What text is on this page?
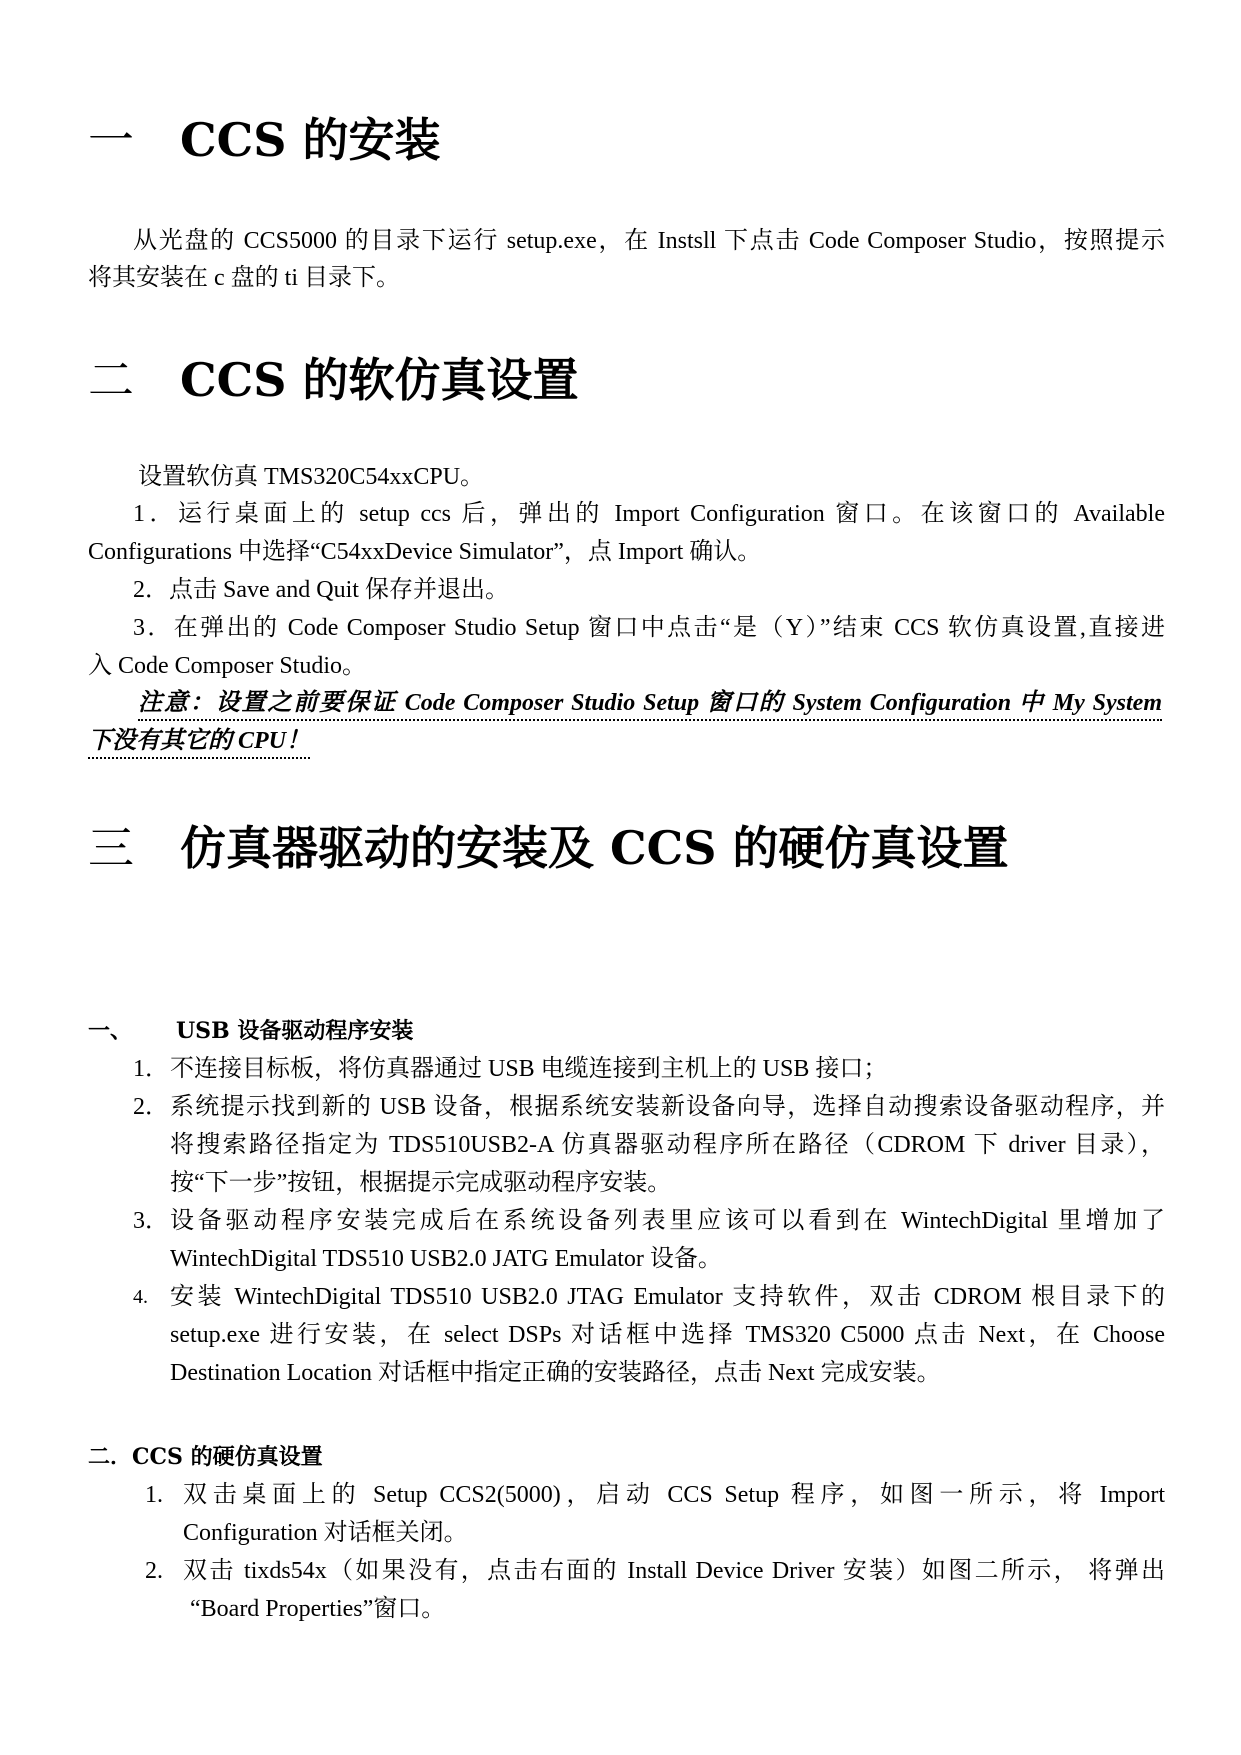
一 CCS 的安装
从光盘的 CCS5000 的目录下运行 setup.exe，在 Instsll 下点击 Code Composer Studio，按照提示
将其安装在 c 盘的 ti 目录下。
二 CCS 的软仿真设置
设置软仿真 TMS320C54xxCPU。
1．运行桌面上的 setup ccs 后，弹出的 Import Configuration 窗口。在该窗口的 Available
Configurations 中选择“C54xxDevice Simulator”，点 Import 确认。
2．点击 Save and Quit 保存并退出。
3．在弹出的 Code Composer Studio Setup 窗口中点击“是（Y）”结束 CCS 软仿真设置,直接进
入 Code Composer Studio。
注意：设置之前要保证 Code Composer Studio Setup 窗口的 System Configuration 中 My System
下没有其它的 CPU！
三 仿真器驱动的安装及 CCS 的硬仿真设置
一、 USB 设备驱动程序安装
1． 不连接目标板，将仿真器通过 USB 电缆连接到主机上的 USB 接口；
2． 系统提示找到新的 USB 设备，根据系统安装新设备向导，选择自动搜索设备驱动程序，并
将搜索路径指定为 TDS510USB2-A 仿真器驱动程序所在路径（CDROM 下 driver 目录），
按“下一步”按钮，根据提示完成驱动程序安装。
3． 设备驱动程序安装完成后在系统设备列表里应该可以看到在 WintechDigital 里增加了
WintechDigital TDS510 USB2.0 JATG Emulator 设备。
4. 安装 WintechDigital TDS510 USB2.0 JTAG Emulator 支持软件，双击 CDROM 根目录下的
setup.exe 进行安装，在 select DSPs 对话框中选择 TMS320 C5000 点击 Next，在 Choose
Destination Location 对话框中指定正确的安装路径，点击 Next 完成安装。
二．CCS 的硬仿真设置
1. 双击桌面上的 Setup CCS2(5000)，启动 CCS Setup 程序，如图一所示，将 Import
Configuration 对话框关闭。
2. 双击 tixds54x（如果没有，点击右面的 Install Device Driver 安装）如图二所示， 将弹出
“Board Properties”窗口。
